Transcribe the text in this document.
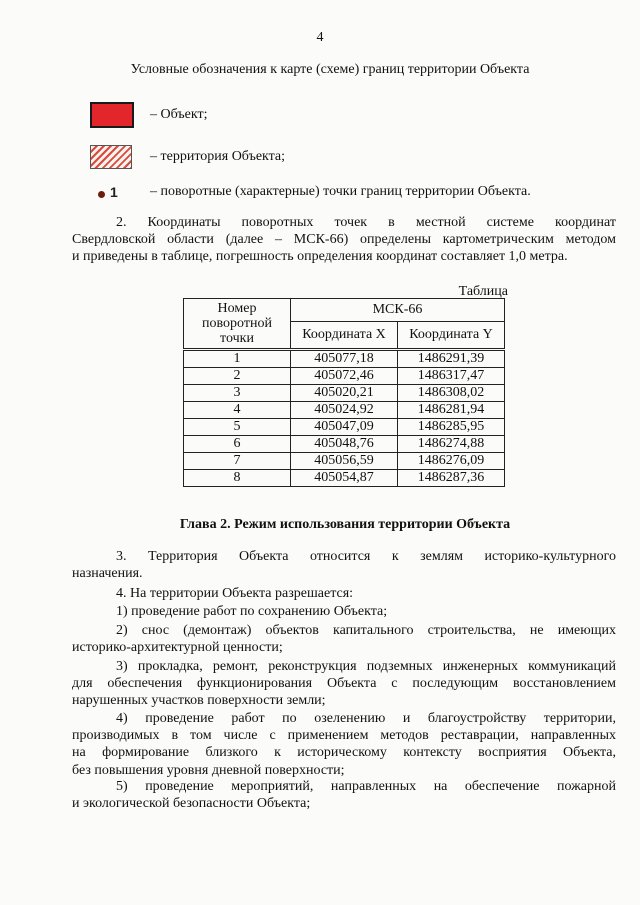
4
Условные обозначения к карте (схеме) границ территории Объекта
– Объект;
– территория Объекта;
1 – поворотные (характерные) точки границ территории Объекта.
2. Координаты поворотных точек в местной системе координат
Свердловской области (далее – МСК-66) определены картометрическим методом
и приведены в таблице, погрешность определения координат составляет 1,0 метра.
Таблица
Номер поворотной точки	МСК-66	
	Координата X	Координата Y
1	405077,18	1486291,39
2	405072,46	1486317,47
3	405020,21	1486308,02
4	405024,92	1486281,94
5	405047,09	1486285,95
6	405048,76	1486274,88
7	405056,59	1486276,09
8	405054,87	1486287,36
Глава 2. Режим использования территории Объекта
3. Территория Объекта относится к землям историко-культурного
назначения.
4. На территории Объекта разрешается:
1) проведение работ по сохранению Объекта;
2) снос (демонтаж) объектов капитального строительства, не имеющих
историко-архитектурной ценности;
3) прокладка, ремонт, реконструкция подземных инженерных коммуникаций
для обеспечения функционирования Объекта с последующим восстановлением
нарушенных участков поверхности земли;
4) проведение работ по озеленению и благоустройству территории,
производимых в том числе с применением методов реставрации, направленных
на формирование близкого к историческому контексту восприятия Объекта,
без повышения уровня дневной поверхности;
5) проведение мероприятий, направленных на обеспечение пожарной
и экологической безопасности Объекта;
